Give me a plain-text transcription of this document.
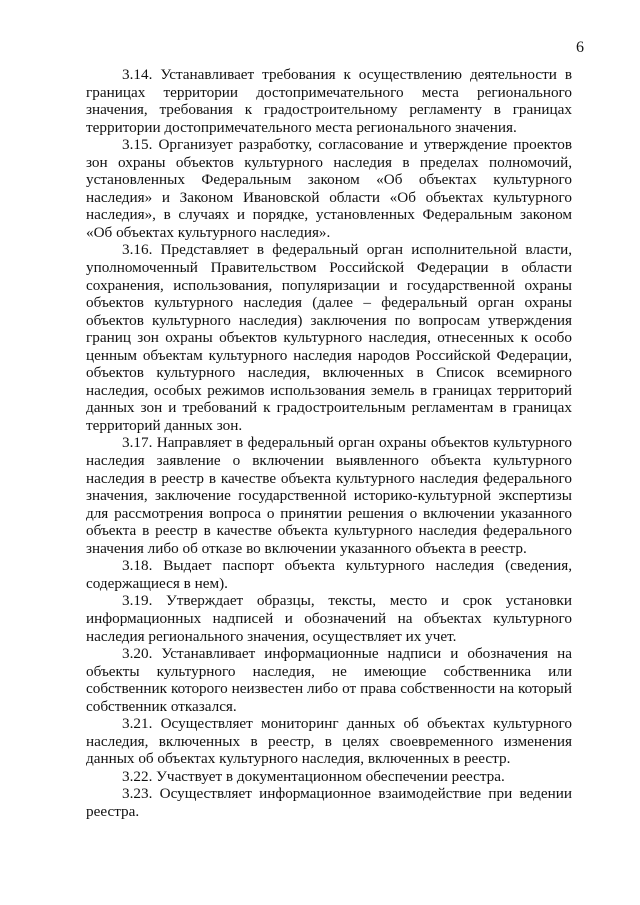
6

3.14. Устанавливает требования к осуществлению деятельности в границах территории достопримечательного места регионального значения, требования к градостроительному регламенту в границах территории достопримечательного места регионального значения.

3.15. Организует разработку, согласование и утверждение проектов зон охраны объектов культурного наследия в пределах полномочий, установленных Федеральным законом «Об объектах культурного наследия» и Законом Ивановской области «Об объектах культурного наследия», в случаях и порядке, установленных Федеральным законом «Об объектах культурного наследия».

3.16. Представляет в федеральный орган исполнительной власти, уполномоченный Правительством Российской Федерации в области сохранения, использования, популяризации и государственной охраны объектов культурного наследия (далее – федеральный орган охраны объектов культурного наследия) заключения по вопросам утверждения границ зон охраны объектов культурного наследия, отнесенных к особо ценным объектам культурного наследия народов Российской Федерации, объектов культурного наследия, включенных в Список всемирного наследия, особых режимов использования земель в границах территорий данных зон и требований к градостроительным регламентам в границах территорий данных зон.

3.17. Направляет в федеральный орган охраны объектов культурного наследия заявление о включении выявленного объекта культурного наследия в реестр в качестве объекта культурного наследия федерального значения, заключение государственной историко-культурной экспертизы для рассмотрения вопроса о принятии решения о включении указанного объекта в реестр в качестве объекта культурного наследия федерального значения либо об отказе во включении указанного объекта в реестр.

3.18. Выдает паспорт объекта культурного наследия (сведения, содержащиеся в нем).

3.19. Утверждает образцы, тексты, место и срок установки информационных надписей и обозначений на объектах культурного наследия регионального значения, осуществляет их учет.

3.20. Устанавливает информационные надписи и обозначения на объекты культурного наследия, не имеющие собственника или собственник которого неизвестен либо от права собственности на который собственник отказался.

3.21. Осуществляет мониторинг данных об объектах культурного наследия, включенных в реестр, в целях своевременного изменения данных об объектах культурного наследия, включенных в реестр.

3.22. Участвует в документационном обеспечении реестра.

3.23. Осуществляет информационное взаимодействие при ведении реестра.
